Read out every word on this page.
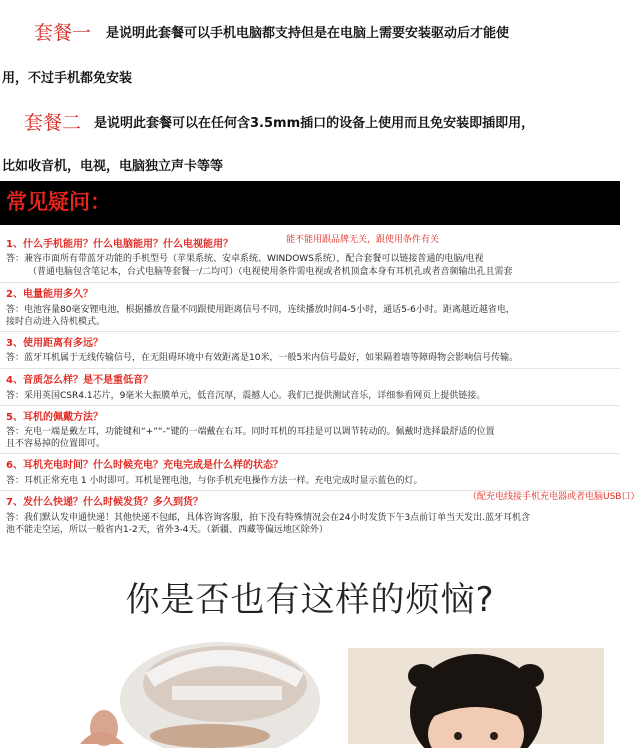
套餐一 是说明此套餐可以手机电脑都支持但是在电脑上需要安装驱动后才能使
用，不过手机都免安装
套餐二 是说明此套餐可以在任何含3.5mm插口的设备上使用而且免安装即插即用，
比如收音机，电视，电脑独立声卡等等
常见疑问：
1、什么手机能用？什么电脑能用？什么电视能用？	能不能用跟品牌无关，跟使用条件有关
答：兼容市面所有带蓝牙功能的手机型号（苹果系统、安卓系统、WINDOWS系统），配合套餐可以链接普通的电脑/电视
（普通电脑包含笔记本，台式电脑等套餐一/二均可）（电视使用条件需电视或者机顶盒本身有耳机孔或者音频输出孔且需套
2、电量能用多久？
答：电池容量80毫安锂电池，根据播放音量不同跟使用距离信号不同，连续播放时间4-5小时，通话5-6小时。距离越近越省电，
接时自动进入待机模式。
3、使用距离有多远？
答：蓝牙耳机属于无线传输信号，在无阻碍环境中有效距离是10米，一般5米内信号最好，如果隔着墙等障碍物会影响信号传输。
4、音质怎么样？是不是重低音？
答：采用英国CSR4.1芯片，9毫米大振膜单元，低音沉厚，震撼人心。我们已提供测试音乐，详细参看网页上提供链接。
5、耳机的佩戴方法？
答：充电一端是戴左耳，功能键和“+”“-”键的一端戴在右耳。同时耳机的耳挂是可以调节转动的。佩戴时选择最舒适的位置
且不容易掉的位置即可。
6、耳机充电时间？什么时候充电？充电完成是什么样的状态？
答：耳机正常充电 1 小时即可。耳机是锂电池，与你手机充电操作方法一样。充电完成时显示蓝色的灯。
（配充电线接手机充电器或者电脑USB口）
7、发什么快递？什么时候发货？多久到货？
答：我们默认发申通快递！其他快递不包邮，具体咨询客服，拍下没有特殊情况会在24小时发货下午3点前订单当天发出.蓝牙耳机含
池不能走空运，所以一般省内1-2天，省外3-4天。（新疆、西藏等偏远地区除外）
你是否也有这样的烦恼?
